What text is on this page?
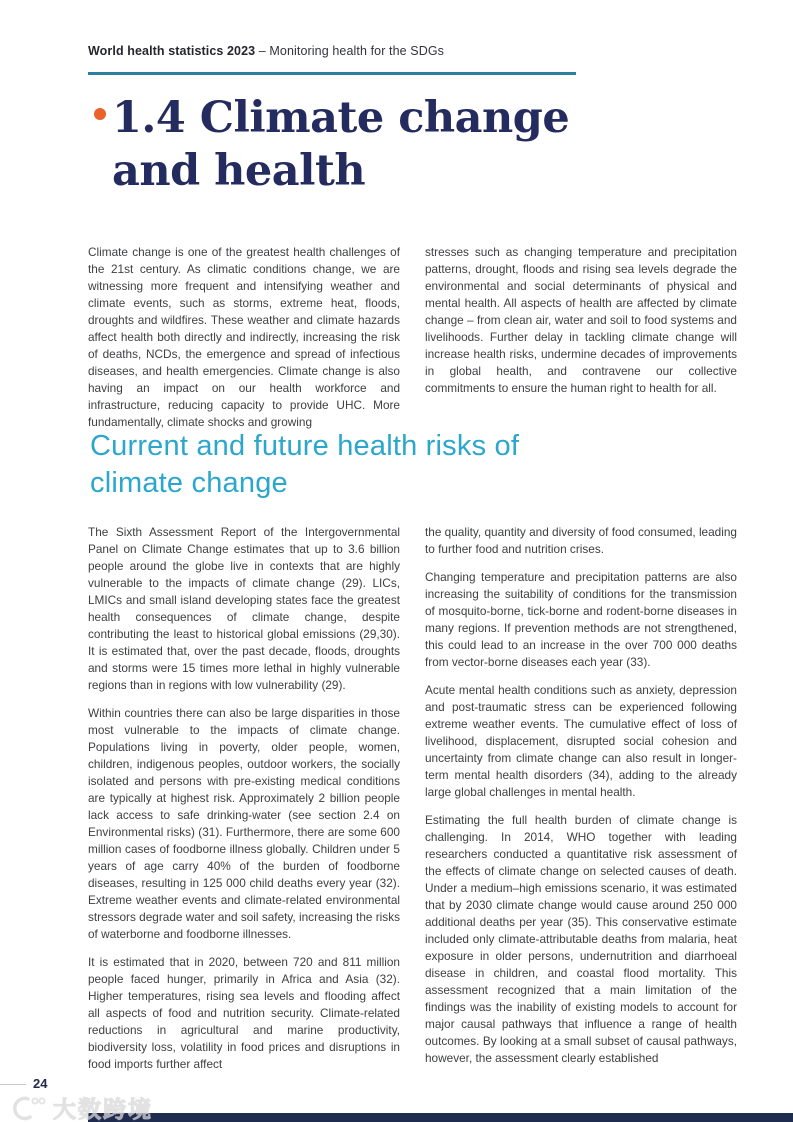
World health statistics 2023 – Monitoring health for the SDGs
1.4 Climate change and health

Climate change is one of the greatest health challenges of the 21st century. As climatic conditions change, we are witnessing more frequent and intensifying weather and climate events, such as storms, extreme heat, floods, droughts and wildfires. These weather and climate hazards affect health both directly and indirectly, increasing the risk of deaths, NCDs, the emergence and spread of infectious diseases, and health emergencies. Climate change is also having an impact on our health workforce and infrastructure, reducing capacity to provide UHC. More fundamentally, climate shocks and growing

stresses such as changing temperature and precipitation patterns, drought, floods and rising sea levels degrade the environmental and social determinants of physical and mental health. All aspects of health are affected by climate change – from clean air, water and soil to food systems and livelihoods. Further delay in tackling climate change will increase health risks, undermine decades of improvements in global health, and contravene our collective commitments to ensure the human right to health for all.

Current and future health risks of climate change

The Sixth Assessment Report of the Intergovernmental Panel on Climate Change estimates that up to 3.6 billion people around the globe live in contexts that are highly vulnerable to the impacts of climate change (29). LICs, LMICs and small island developing states face the greatest health consequences of climate change, despite contributing the least to historical global emissions (29,30). It is estimated that, over the past decade, floods, droughts and storms were 15 times more lethal in highly vulnerable regions than in regions with low vulnerability (29).

Within countries there can also be large disparities in those most vulnerable to the impacts of climate change. Populations living in poverty, older people, women, children, indigenous peoples, outdoor workers, the socially isolated and persons with pre-existing medical conditions are typically at highest risk. Approximately 2 billion people lack access to safe drinking-water (see section 2.4 on Environmental risks) (31). Furthermore, there are some 600 million cases of foodborne illness globally. Children under 5 years of age carry 40% of the burden of foodborne diseases, resulting in 125 000 child deaths every year (32). Extreme weather events and climate-related environmental stressors degrade water and soil safety, increasing the risks of waterborne and foodborne illnesses.

It is estimated that in 2020, between 720 and 811 million people faced hunger, primarily in Africa and Asia (32). Higher temperatures, rising sea levels and flooding affect all aspects of food and nutrition security. Climate-related reductions in agricultural and marine productivity, biodiversity loss, volatility in food prices and disruptions in food imports further affect

the quality, quantity and diversity of food consumed, leading to further food and nutrition crises.

Changing temperature and precipitation patterns are also increasing the suitability of conditions for the transmission of mosquito-borne, tick-borne and rodent-borne diseases in many regions. If prevention methods are not strengthened, this could lead to an increase in the over 700 000 deaths from vector-borne diseases each year (33).

Acute mental health conditions such as anxiety, depression and post-traumatic stress can be experienced following extreme weather events. The cumulative effect of loss of livelihood, displacement, disrupted social cohesion and uncertainty from climate change can also result in longer-term mental health disorders (34), adding to the already large global challenges in mental health.

Estimating the full health burden of climate change is challenging. In 2014, WHO together with leading researchers conducted a quantitative risk assessment of the effects of climate change on selected causes of death. Under a medium–high emissions scenario, it was estimated that by 2030 climate change would cause around 250 000 additional deaths per year (35). This conservative estimate included only climate-attributable deaths from malaria, heat exposure in older persons, undernutrition and diarrhoeal disease in children, and coastal flood mortality. This assessment recognized that a main limitation of the findings was the inability of existing models to account for major causal pathways that influence a range of health outcomes. By looking at a small subset of causal pathways, however, the assessment clearly established

24
大数跨境
